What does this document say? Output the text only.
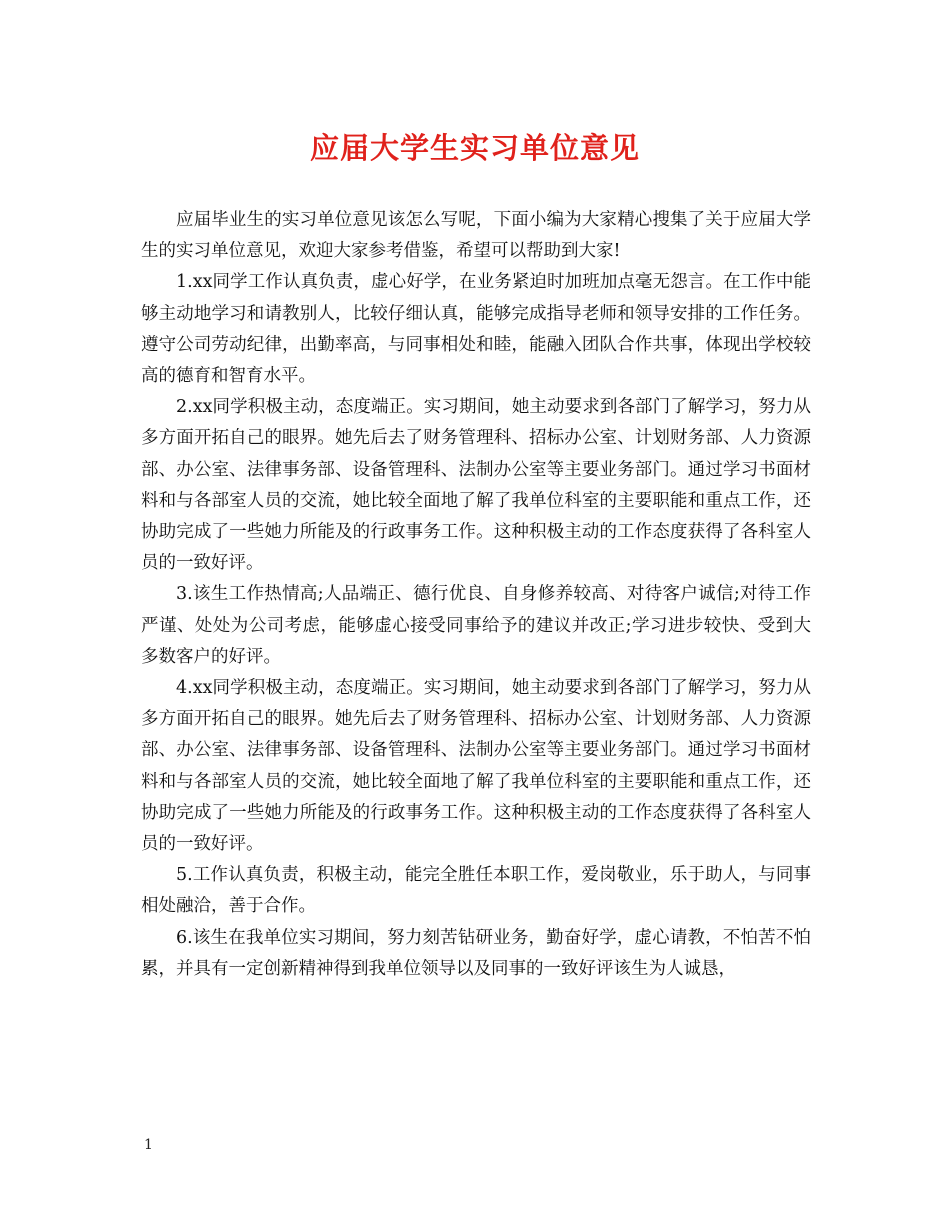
应届大学生实习单位意见

应届毕业生的实习单位意见该怎么写呢，下面小编为大家精心搜集了关于应届大学生的实习单位意见，欢迎大家参考借鉴，希望可以帮助到大家!

1.xx同学工作认真负责，虚心好学，在业务紧迫时加班加点毫无怨言。在工作中能够主动地学习和请教别人，比较仔细认真，能够完成指导老师和领导安排的工作任务。遵守公司劳动纪律，出勤率高，与同事相处和睦，能融入团队合作共事，体现出学校较高的德育和智育水平。

2.xx同学积极主动，态度端正。实习期间，她主动要求到各部门了解学习，努力从多方面开拓自己的眼界。她先后去了财务管理科、招标办公室、计划财务部、人力资源部、办公室、法律事务部、设备管理科、法制办公室等主要业务部门。通过学习书面材料和与各部室人员的交流，她比较全面地了解了我单位科室的主要职能和重点工作，还协助完成了一些她力所能及的行政事务工作。这种积极主动的工作态度获得了各科室人员的一致好评。

3.该生工作热情高;人品端正、德行优良、自身修养较高、对待客户诚信;对待工作严谨、处处为公司考虑，能够虚心接受同事给予的建议并改正;学习进步较快、受到大多数客户的好评。

4.xx同学积极主动，态度端正。实习期间，她主动要求到各部门了解学习，努力从多方面开拓自己的眼界。她先后去了财务管理科、招标办公室、计划财务部、人力资源部、办公室、法律事务部、设备管理科、法制办公室等主要业务部门。通过学习书面材料和与各部室人员的交流，她比较全面地了解了我单位科室的主要职能和重点工作，还协助完成了一些她力所能及的行政事务工作。这种积极主动的工作态度获得了各科室人员的一致好评。

5.工作认真负责，积极主动，能完全胜任本职工作，爱岗敬业，乐于助人，与同事相处融洽，善于合作。

6.该生在我单位实习期间，努力刻苦钻研业务，勤奋好学，虚心请教，不怕苦不怕累，并具有一定创新精神得到我单位领导以及同事的一致好评该生为人诚恳，

1
